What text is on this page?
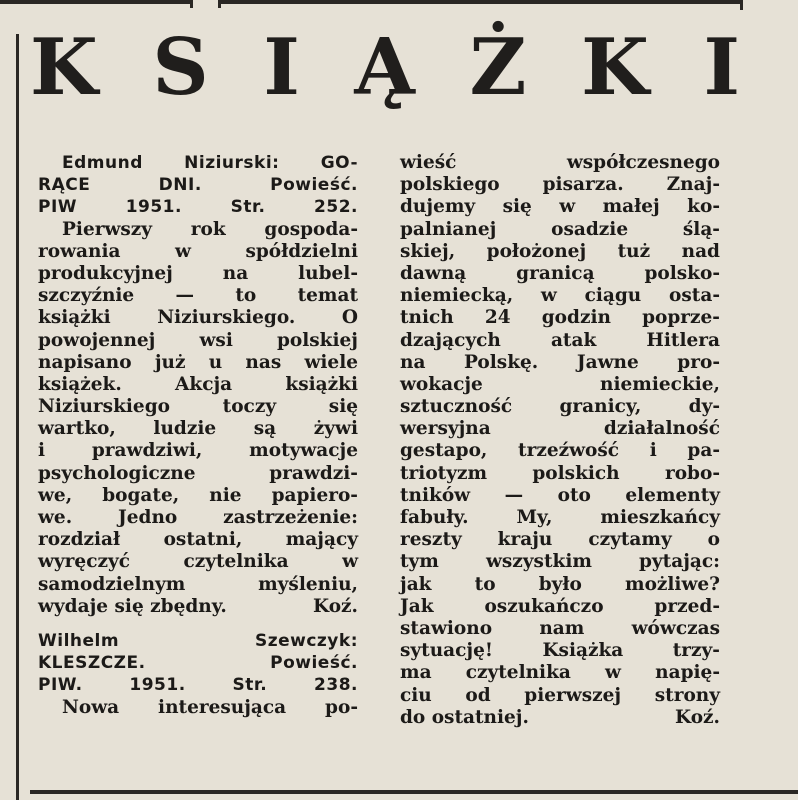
K S I Ą Ż K I
Edmund Niziurski: GO-
RĄCE DNI. Powieść.
PIW 1951. Str. 252.
Pierwszy rok gospoda-
rowania w spółdzielni
produkcyjnej na lubel-
szczyźnie — to temat
książki Niziurskiego. O
powojennej wsi polskiej
napisano już u nas wiele
książek. Akcja książki
Niziurskiego toczy się
wartko, ludzie są żywi
i prawdziwi, motywacje
psychologiczne prawdzi-
we, bogate, nie papiero-
we. Jedno zastrzeżenie:
rozdział ostatni, mający
wyręczyć czytelnika w
samodzielnym myśleniu,
wydaje się zbędny.	Koź.
Wilhelm Szewczyk:
KLESZCZE. Powieść.
PIW. 1951. Str. 238.
Nowa interesująca po-
wieść współczesnego
polskiego pisarza. Znaj-
dujemy się w małej ko-
palnianej osadzie ślą-
skiej, położonej tuż nad
dawną granicą polsko-
niemiecką, w ciągu osta-
tnich 24 godzin poprze-
dzających atak Hitlera
na Polskę. Jawne pro-
wokacje niemieckie,
sztuczność granicy, dy-
wersyjna działalność
gestapo, trzeźwość i pa-
triotyzm polskich robo-
tników — oto elementy
fabuły. My, mieszkańcy
reszty kraju czytamy o
tym wszystkim pytając:
jak to było możliwe?
Jak oszukańczo przed-
stawiono nam wówczas
sytuację! Książka trzy-
ma czytelnika w napię-
ciu od pierwszej strony
do ostatniej.	Koź.
